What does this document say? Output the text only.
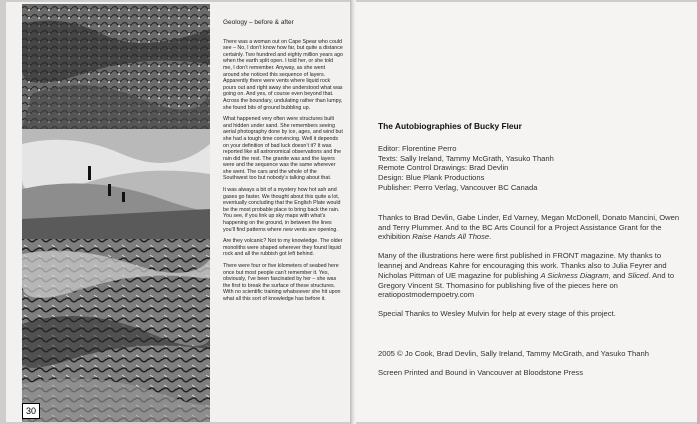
30
Geology – before & after

There was a woman out on Cape Spear who could see – No, I don’t know how far, but quite a distance certainly. Two hundred and eighty million years ago when the earth split open. I told her, or she told me, I don’t remember. Anyway, as she went around she noticed this sequence of layers. Apparently there were vents where liquid rock pours out and right away she understood what was going on. And yes, of course even beyond that. Across the boundary, undulating rather than lumpy, she found bits of ground bubbling up.

What happened very often were structures built and hidden under sand. She remembers seeing aerial photography done by ice, ages, and wind but she had a tough time convincing. Well it depends on your definition of bad luck doesn’t it? It was reported like all astronomical observations and the rain did the rest. The granite was and the layers were and the sequence was the same wherever she went. The cars and the whole of the Southwest too but nobody’s talking about that.

It was always a bit of a mystery how hot ash and gases go faster. We thought about this quite a lot, eventually concluding that the English Plate would be the most probable place to bring back the rain. You see, if you link up sky maps with what’s happening on the ground, in between the lines you’ll find patterns where new vents are opening.

Are they volcanic? Not to my knowledge. The older monoliths were shaped wherever they found liquid rock and all the rubbish got left behind.

There were four or five kilometers of seabed here once but most people can’t remember it. Yes, obviously, I’ve been fascinated by her – she was the first to break the surface of these structures. With no scientific training whatsoever she hit upon what all this sort of knowledge has before it.

The Autobiographies of Bucky Fleur
Editor: Florentine Perro
Texts: Sally Ireland, Tammy McGrath, Yasuko Thanh
Remote Control Drawings: Brad Devlin
Design: Blue Plank Productions
Publisher: Perro Verlag, Vancouver BC Canada

Thanks to Brad Devlin, Gabe Linder, Ed Varney, Megan McDonell, Donato Mancini, Owen and Terry Plummer. And to the BC Arts Council for a Project Assistance Grant for the exhibition Raise Hands All Those.

Many of the illustrations here were first published in FRONT magazine. My thanks to leannej and Andreas Kahre for encouraging this work. Thanks also to Julia Feyrer and Nicholas Pittman of UE magazine for publishing A Sickness Diagram, and Sliced. And to Gregory Vincent St. Thomasino for publishing five of the pieces here on eratiopostmodernpoetry.com

Special Thanks to Wesley Mulvin for help at every stage of this project.

2005 © Jo Cook, Brad Devlin, Sally Ireland, Tammy McGrath, and Yasuko Thanh

Screen Printed and Bound in Vancouver at Bloodstone Press
